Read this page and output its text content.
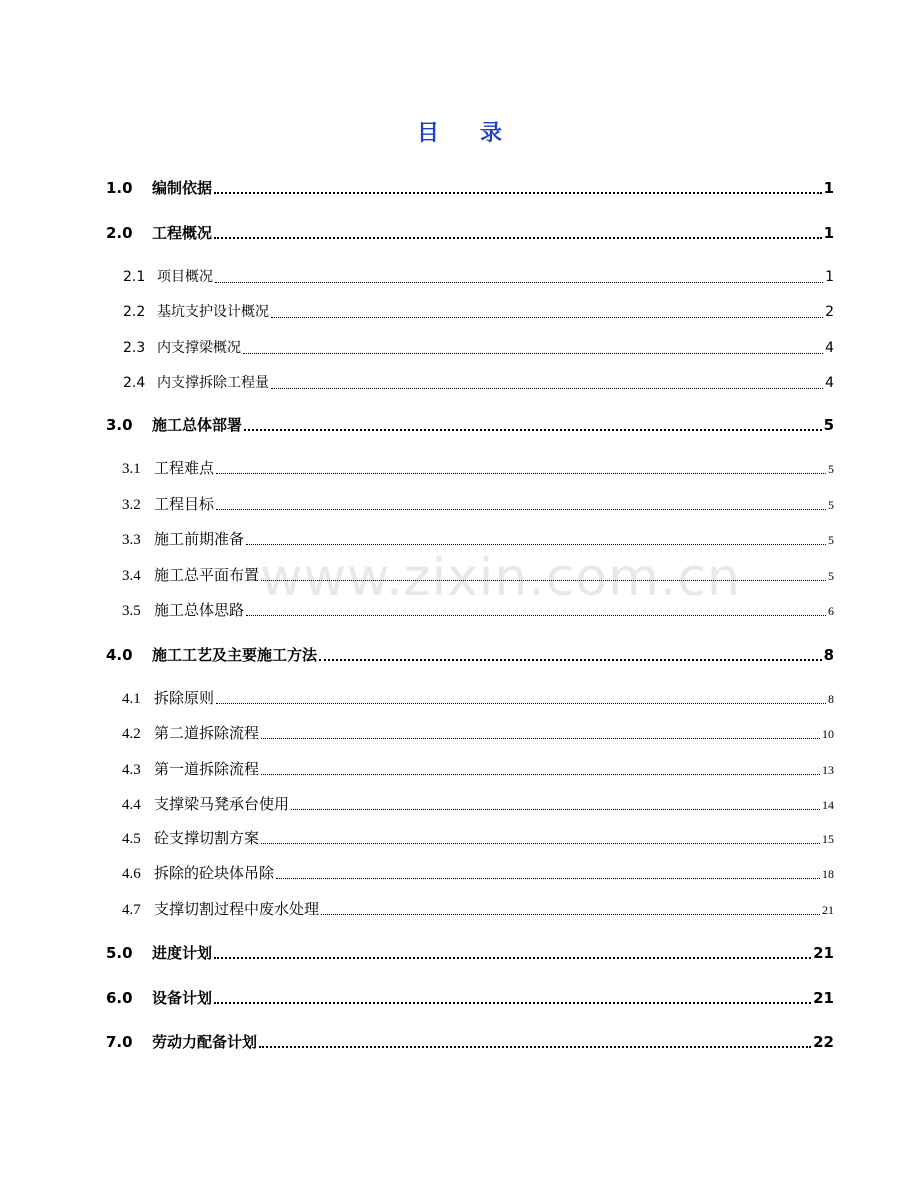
目 录
www.zixin.com.cn
1.0	编制依据	1
2.0	工程概况	1
2.1 项目概况	1
2.2 基坑支护设计概况	2
2.3 内支撑梁概况	4
2.4 内支撑拆除工程量	4
3.0	施工总体部署	5
3.1 工程难点	5
3.2 工程目标	5
3.3 施工前期准备	5
3.4 施工总平面布置	5
3.5 施工总体思路	6
4.0	施工工艺及主要施工方法	8
4.1 拆除原则	8
4.2 第二道拆除流程	10
4.3 第一道拆除流程	13
4.4 支撑梁马凳承台使用	14
4.5 砼支撑切割方案	15
4.6 拆除的砼块体吊除	18
4.7 支撑切割过程中废水处理	21
5.0	进度计划	21
6.0	设备计划	21
7.0	劳动力配备计划	22
